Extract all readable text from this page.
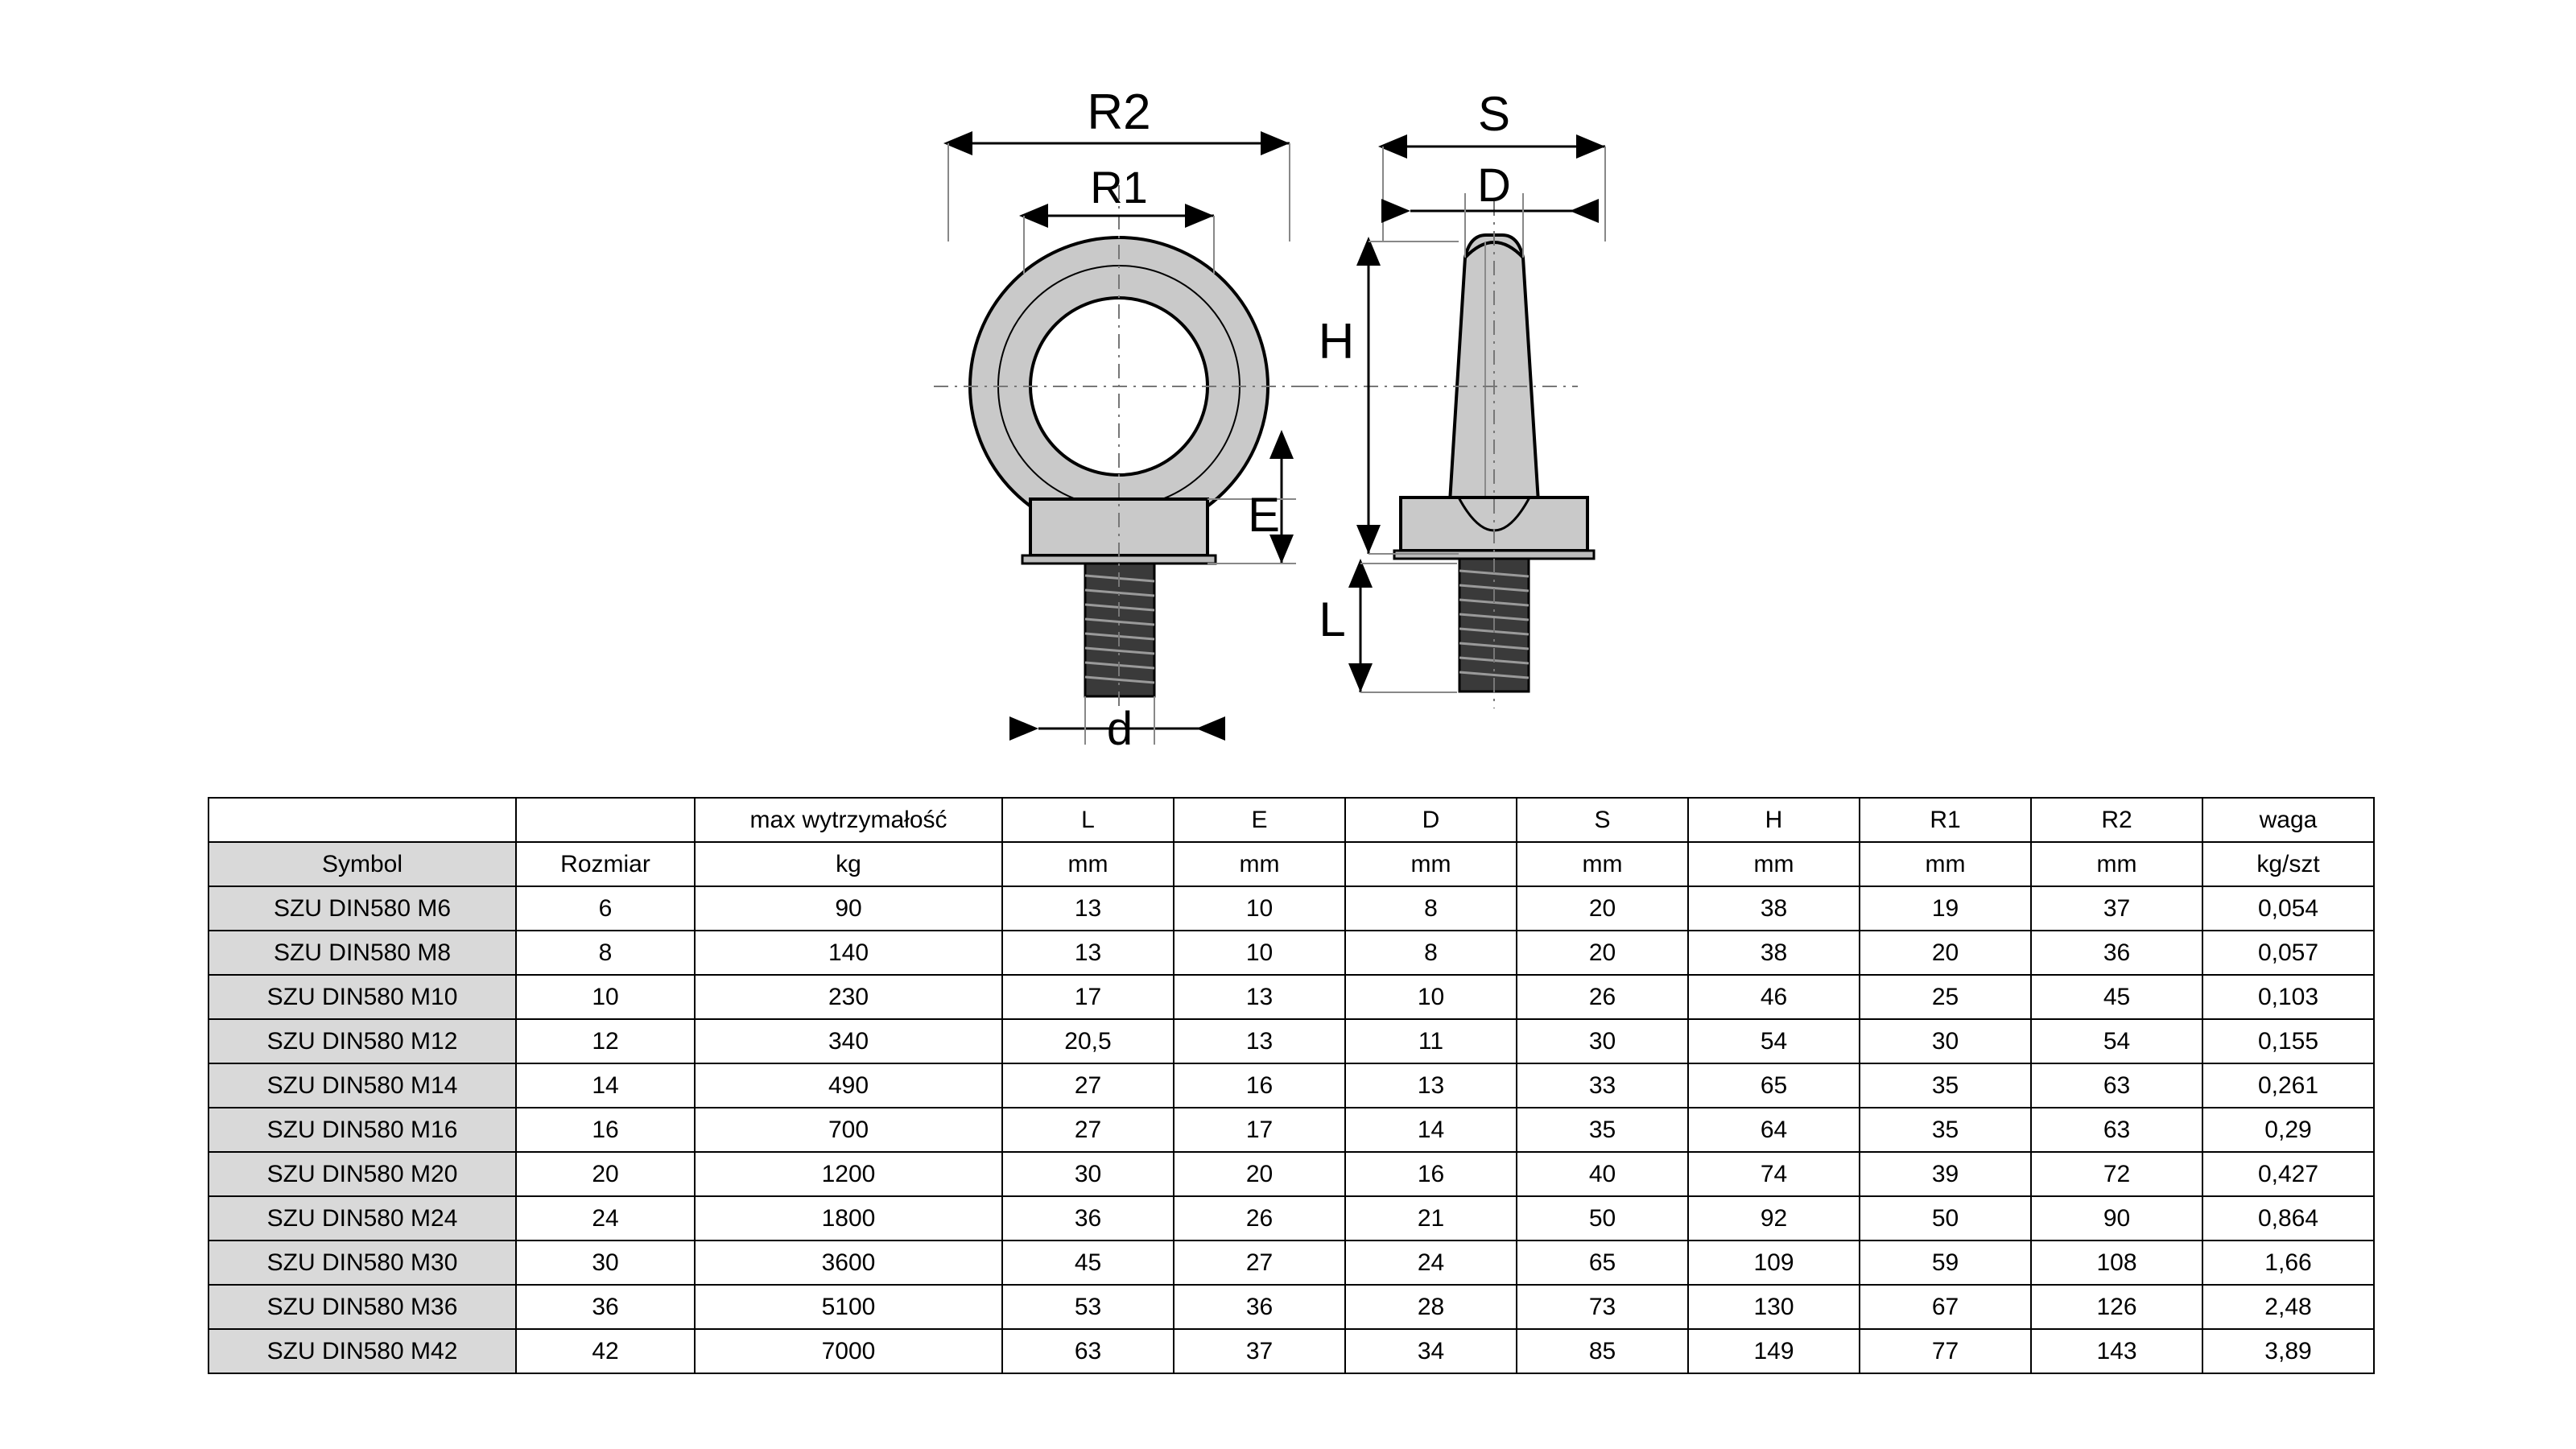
R2
R1
E
d
S
D
H
L
		max wytrzymałość	L	E	D	S	H	R1	R2	waga
Symbol	Rozmiar	kg	mm	mm	mm	mm	mm	mm	mm	kg/szt
SZU DIN580 M6	6	90	13	10	8	20	38	19	37	0,054
SZU DIN580 M8	8	140	13	10	8	20	38	20	36	0,057
SZU DIN580 M10	10	230	17	13	10	26	46	25	45	0,103
SZU DIN580 M12	12	340	20,5	13	11	30	54	30	54	0,155
SZU DIN580 M14	14	490	27	16	13	33	65	35	63	0,261
SZU DIN580 M16	16	700	27	17	14	35	64	35	63	0,29
SZU DIN580 M20	20	1200	30	20	16	40	74	39	72	0,427
SZU DIN580 M24	24	1800	36	26	21	50	92	50	90	0,864
SZU DIN580 M30	30	3600	45	27	24	65	109	59	108	1,66
SZU DIN580 M36	36	5100	53	36	28	73	130	67	126	2,48
SZU DIN580 M42	42	7000	63	37	34	85	149	77	143	3,89
